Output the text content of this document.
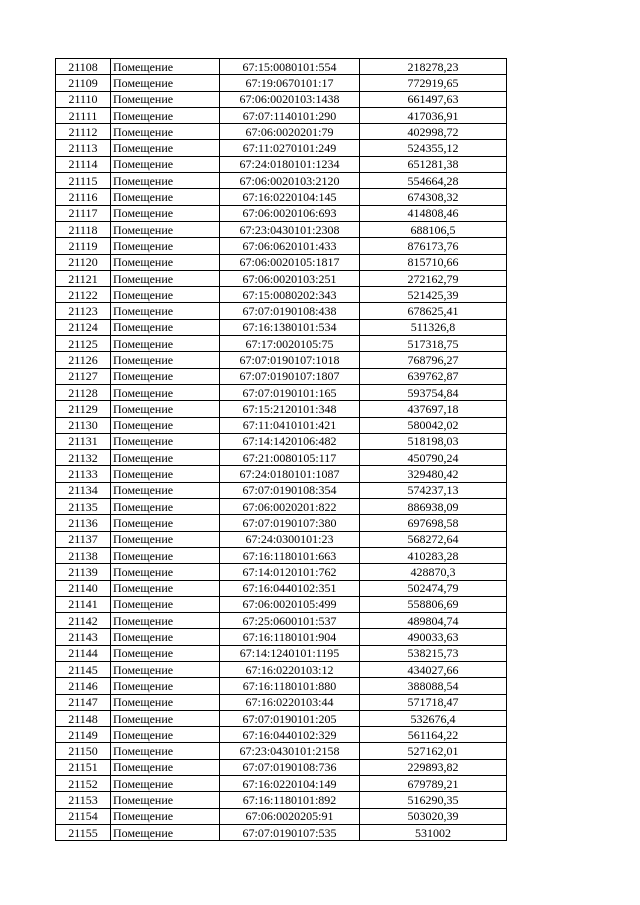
21108	Помещение	67:15:0080101:554	218278,23
21109	Помещение	67:19:0670101:17	772919,65
21110	Помещение	67:06:0020103:1438	661497,63
21111	Помещение	67:07:1140101:290	417036,91
21112	Помещение	67:06:0020201:79	402998,72
21113	Помещение	67:11:0270101:249	524355,12
21114	Помещение	67:24:0180101:1234	651281,38
21115	Помещение	67:06:0020103:2120	554664,28
21116	Помещение	67:16:0220104:145	674308,32
21117	Помещение	67:06:0020106:693	414808,46
21118	Помещение	67:23:0430101:2308	688106,5
21119	Помещение	67:06:0620101:433	876173,76
21120	Помещение	67:06:0020105:1817	815710,66
21121	Помещение	67:06:0020103:251	272162,79
21122	Помещение	67:15:0080202:343	521425,39
21123	Помещение	67:07:0190108:438	678625,41
21124	Помещение	67:16:1380101:534	511326,8
21125	Помещение	67:17:0020105:75	517318,75
21126	Помещение	67:07:0190107:1018	768796,27
21127	Помещение	67:07:0190107:1807	639762,87
21128	Помещение	67:07:0190101:165	593754,84
21129	Помещение	67:15:2120101:348	437697,18
21130	Помещение	67:11:0410101:421	580042,02
21131	Помещение	67:14:1420106:482	518198,03
21132	Помещение	67:21:0080105:117	450790,24
21133	Помещение	67:24:0180101:1087	329480,42
21134	Помещение	67:07:0190108:354	574237,13
21135	Помещение	67:06:0020201:822	886938,09
21136	Помещение	67:07:0190107:380	697698,58
21137	Помещение	67:24:0300101:23	568272,64
21138	Помещение	67:16:1180101:663	410283,28
21139	Помещение	67:14:0120101:762	428870,3
21140	Помещение	67:16:0440102:351	502474,79
21141	Помещение	67:06:0020105:499	558806,69
21142	Помещение	67:25:0600101:537	489804,74
21143	Помещение	67:16:1180101:904	490033,63
21144	Помещение	67:14:1240101:1195	538215,73
21145	Помещение	67:16:0220103:12	434027,66
21146	Помещение	67:16:1180101:880	388088,54
21147	Помещение	67:16:0220103:44	571718,47
21148	Помещение	67:07:0190101:205	532676,4
21149	Помещение	67:16:0440102:329	561164,22
21150	Помещение	67:23:0430101:2158	527162,01
21151	Помещение	67:07:0190108:736	229893,82
21152	Помещение	67:16:0220104:149	679789,21
21153	Помещение	67:16:1180101:892	516290,35
21154	Помещение	67:06:0020205:91	503020,39
21155	Помещение	67:07:0190107:535	531002
